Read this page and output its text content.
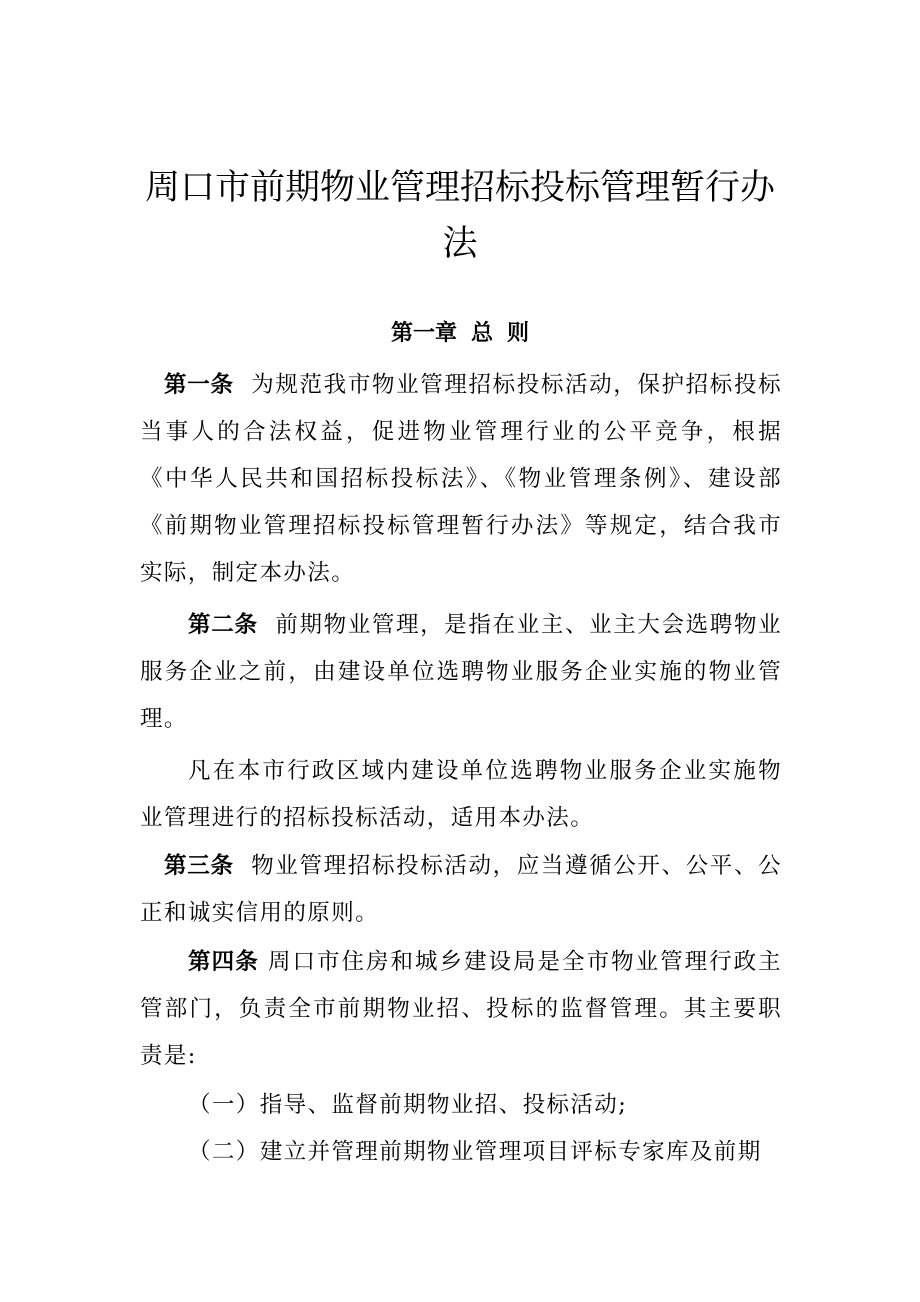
周口市前期物业管理招标投标管理暂行办法
第一章 总 则

第一条 为规范我市物业管理招标投标活动，保护招标投标当事人的合法权益，促进物业管理行业的公平竞争，根据《中华人民共和国招标投标法》、《物业管理条例》、建设部《前期物业管理招标投标管理暂行办法》等规定，结合我市实际，制定本办法。

第二条 前期物业管理，是指在业主、业主大会选聘物业服务企业之前，由建设单位选聘物业服务企业实施的物业管理。

凡在本市行政区域内建设单位选聘物业服务企业实施物业管理进行的招标投标活动，适用本办法。

第三条 物业管理招标投标活动，应当遵循公开、公平、公正和诚实信用的原则。

第四条 周口市住房和城乡建设局是全市物业管理行政主管部门，负责全市前期物业招、投标的监督管理。其主要职责是:

（一）指导、监督前期物业招、投标活动;

（二）建立并管理前期物业管理项目评标专家库及前期
